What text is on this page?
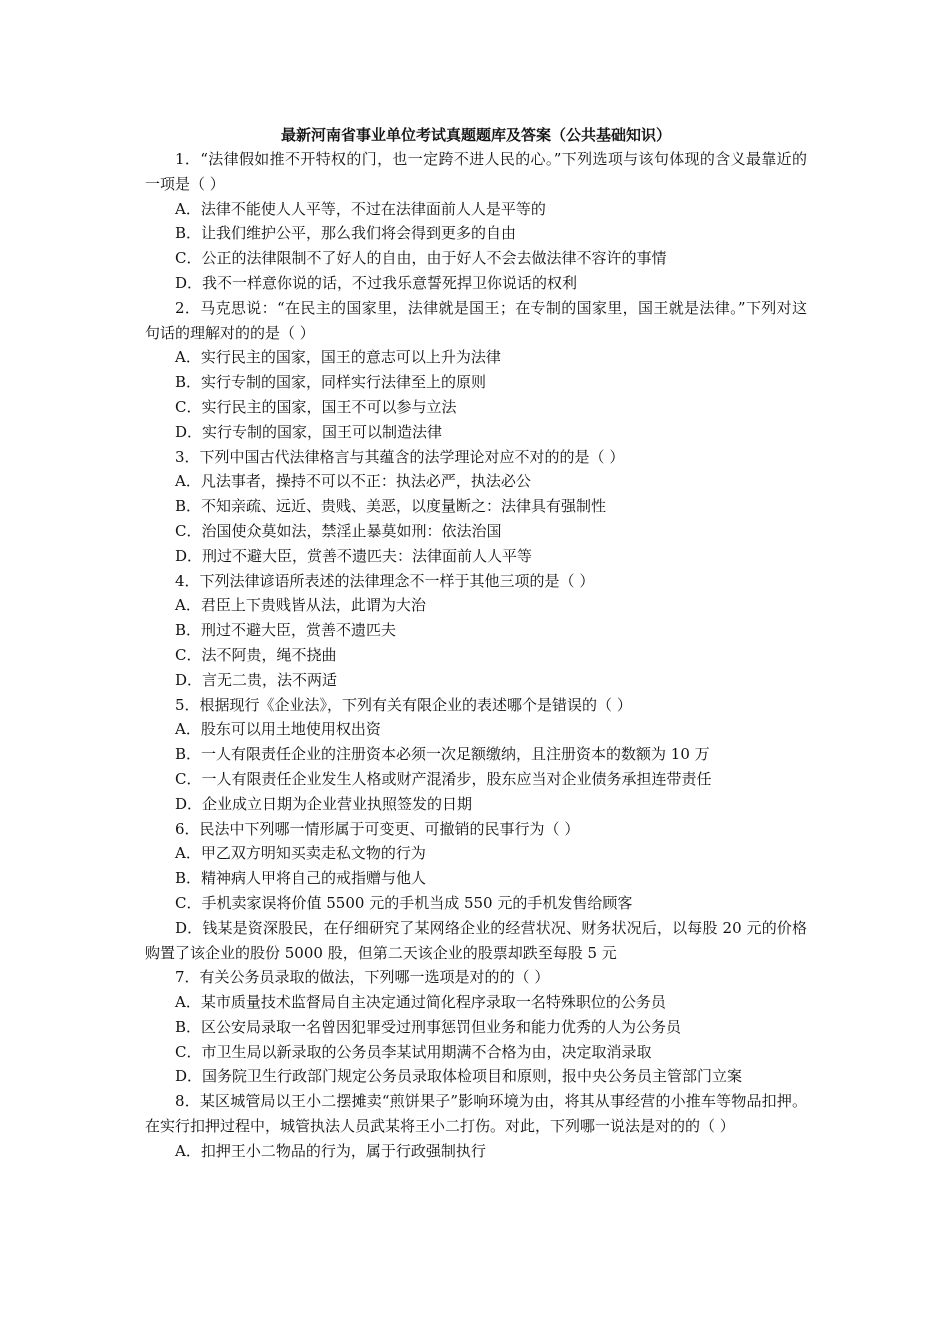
最新河南省事业单位考试真题题库及答案（公共基础知识）

1．“法律假如推不开特权的门，也一定跨不进人民的心。”下列选项与该句体现的含义最靠近的一项是（ ）

A．法律不能使人人平等，不过在法律面前人人是平等的

B．让我们维护公平，那么我们将会得到更多的自由

C．公正的法律限制不了好人的自由，由于好人不会去做法律不容许的事情

D．我不一样意你说的话，不过我乐意誓死捍卫你说话的权利

2．马克思说：“在民主的国家里，法律就是国王；在专制的国家里，国王就是法律。”下列对这句话的理解对的的是（ ）

A．实行民主的国家，国王的意志可以上升为法律

B．实行专制的国家，同样实行法律至上的原则

C．实行民主的国家，国王不可以参与立法

D．实行专制的国家，国王可以制造法律

3．下列中国古代法律格言与其蕴含的法学理论对应不对的的是（ ）

A．凡法事者，操持不可以不正：执法必严，执法必公

B．不知亲疏、远近、贵贱、美恶，以度量断之：法律具有强制性

C．治国使众莫如法，禁淫止暴莫如刑：依法治国

D．刑过不避大臣，赏善不遗匹夫：法律面前人人平等

4．下列法律谚语所表述的法律理念不一样于其他三项的是（ ）

A．君臣上下贵贱皆从法，此谓为大治

B．刑过不避大臣，赏善不遗匹夫

C．法不阿贵，绳不挠曲

D．言无二贵，法不两适

5．根据现行《企业法》，下列有关有限企业的表述哪个是错误的（ ）

A．股东可以用土地使用权出资

B．一人有限责任企业的注册资本必须一次足额缴纳，且注册资本的数额为 10 万

C．一人有限责任企业发生人格或财产混淆步，股东应当对企业债务承担连带责任

D．企业成立日期为企业营业执照签发的日期

6．民法中下列哪一情形属于可变更、可撤销的民事行为（ ）

A．甲乙双方明知买卖走私文物的行为

B．精神病人甲将自己的戒指赠与他人

C．手机卖家误将价值 5500 元的手机当成 550 元的手机发售给顾客

D．钱某是资深股民，在仔细研究了某网络企业的经营状况、财务状况后，以每股 20 元的价格购置了该企业的股份 5000 股，但第二天该企业的股票却跌至每股 5 元

7．有关公务员录取的做法，下列哪一选项是对的的（ ）

A．某市质量技术监督局自主决定通过简化程序录取一名特殊职位的公务员

B．区公安局录取一名曾因犯罪受过刑事惩罚但业务和能力优秀的人为公务员

C．市卫生局以新录取的公务员李某试用期满不合格为由，决定取消录取

D．国务院卫生行政部门规定公务员录取体检项目和原则，报中央公务员主管部门立案

8．某区城管局以王小二摆摊卖“煎饼果子”影响环境为由，将其从事经营的小推车等物品扣押。在实行扣押过程中，城管执法人员武某将王小二打伤。对此，下列哪一说法是对的的（ ）

A．扣押王小二物品的行为，属于行政强制执行
